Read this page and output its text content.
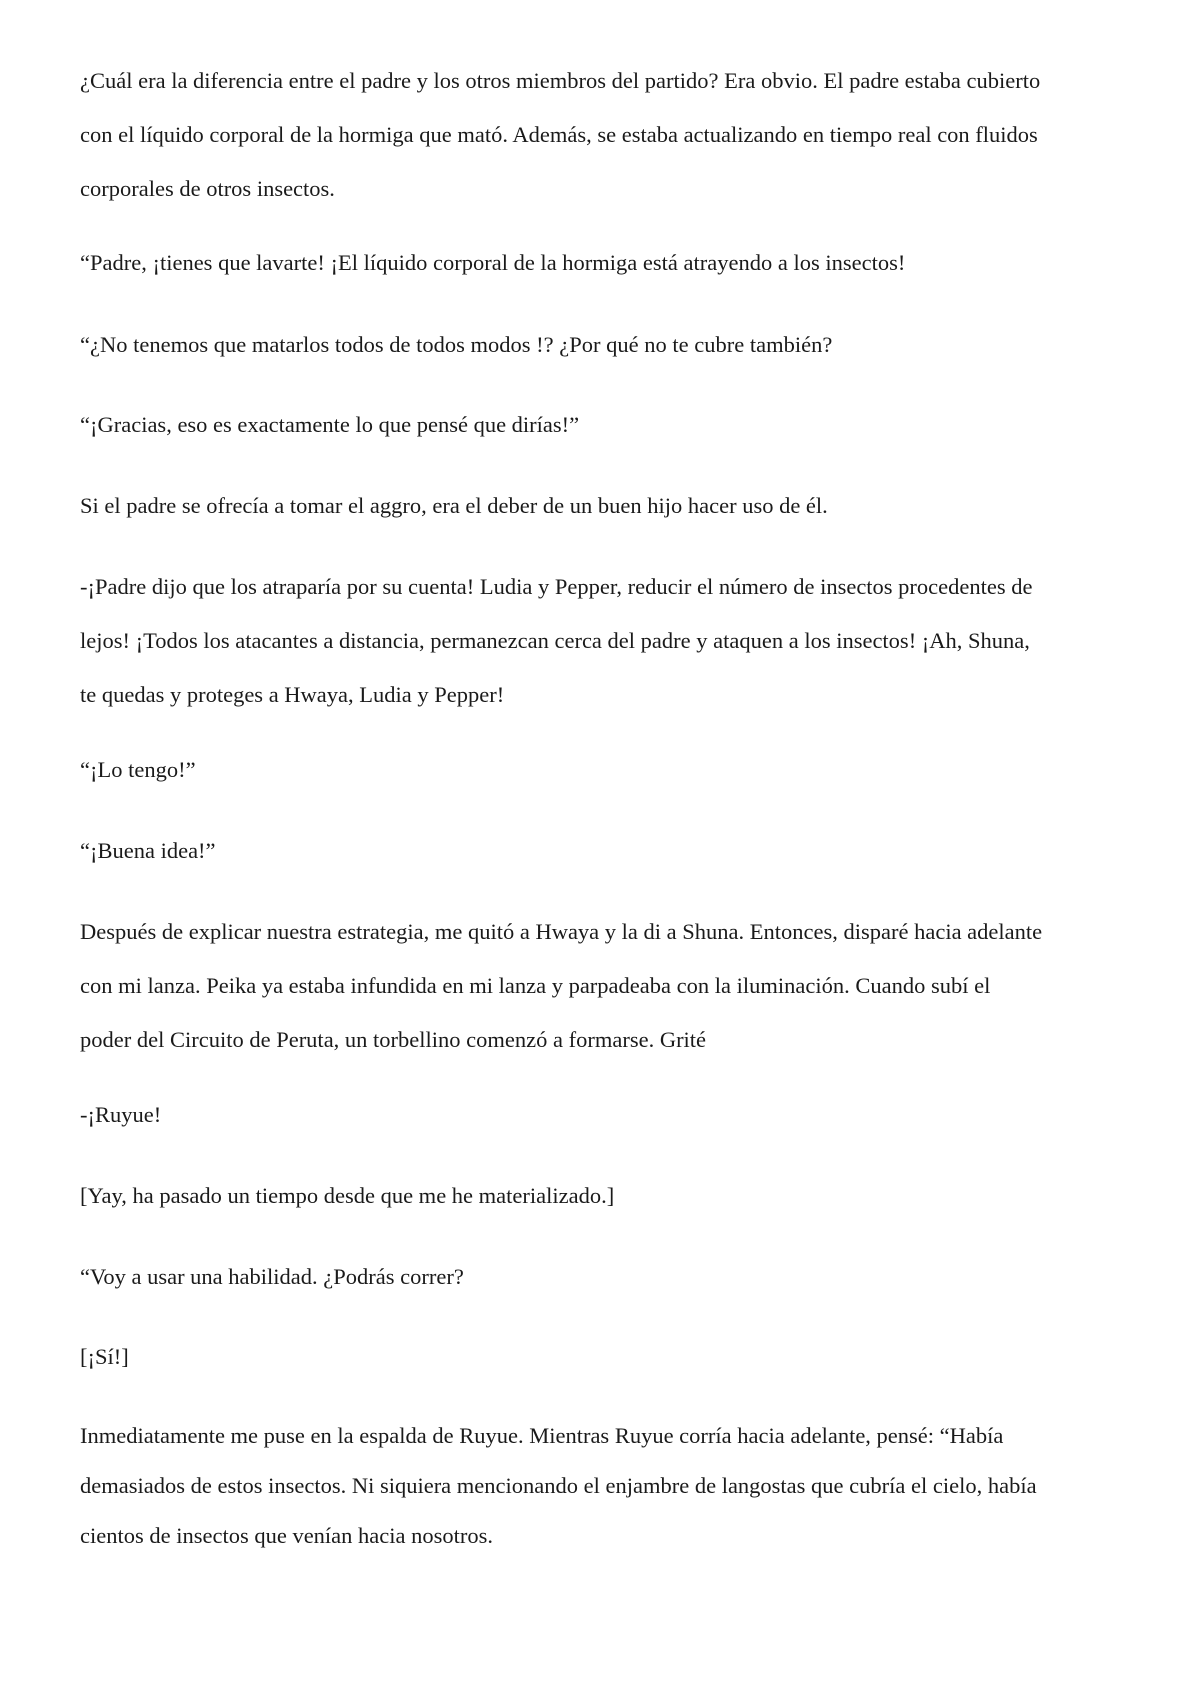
¿Cuál era la diferencia entre el padre y los otros miembros del partido? Era obvio. El padre estaba cubierto
con el líquido corporal de la hormiga que mató. Además, se estaba actualizando en tiempo real con fluidos
corporales de otros insectos.

“Padre, ¡tienes que lavarte! ¡El líquido corporal de la hormiga está atrayendo a los insectos!

“¿No tenemos que matarlos todos de todos modos !? ¿Por qué no te cubre también?

“¡Gracias, eso es exactamente lo que pensé que dirías!”

Si el padre se ofrecía a tomar el aggro, era el deber de un buen hijo hacer uso de él.

-¡Padre dijo que los atraparía por su cuenta! Ludia y Pepper, reducir el número de insectos procedentes de
lejos! ¡Todos los atacantes a distancia, permanezcan cerca del padre y ataquen a los insectos! ¡Ah, Shuna,
te quedas y proteges a Hwaya, Ludia y Pepper!

“¡Lo tengo!”

“¡Buena idea!”

Después de explicar nuestra estrategia, me quitó a Hwaya y la di a Shuna. Entonces, disparé hacia adelante
con mi lanza. Peika ya estaba infundida en mi lanza y parpadeaba con la iluminación. Cuando subí el
poder del Circuito de Peruta, un torbellino comenzó a formarse. Grité

-¡Ruyue!

[Yay, ha pasado un tiempo desde que me he materializado.]

“Voy a usar una habilidad. ¿Podrás correr?

[¡Sí!]

Inmediatamente me puse en la espalda de Ruyue. Mientras Ruyue corría hacia adelante, pensé: “Había
demasiados de estos insectos. Ni siquiera mencionando el enjambre de langostas que cubría el cielo, había
cientos de insectos que venían hacia nosotros.
